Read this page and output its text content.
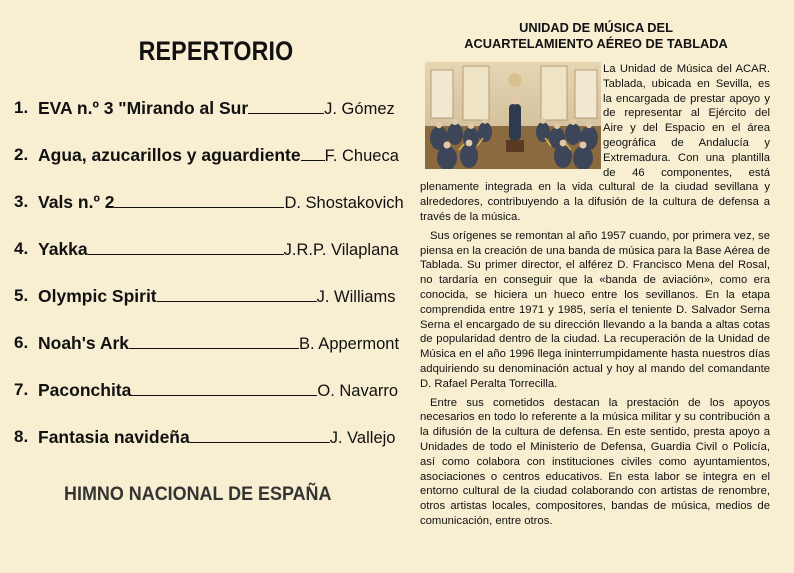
REPERTORIO
1. EVA n.º 3 "Mirando al Sur	J. Gómez
2. Agua, azucarillos y aguardiente F. Chueca
3. Vals n.º 2	D. Shostakovich
4. Yakka	J.R.P. Vilaplana
5. Olympic Spirit	J. Williams
6. Noah's Ark	B. Appermont
7. Paconchita	O. Navarro
8. Fantasia navideña	J. Vallejo
HIMNO NACIONAL DE ESPAÑA
UNIDAD DE MÚSICA DEL
ACUARTELAMIENTO AÉREO DE TABLADA

La Unidad de Música del ACAR. Tablada, ubicada en Sevilla, es la encargada de prestar apoyo y de representar al Ejército del Aire y del Espacio en el área geográfica de Andalucía y Extremadura. Con una plantilla de 46 componentes, está plenamente integrada en la vida cultural de la ciudad sevillana y alrededores, contribuyendo a la difusión de la cultura de defensa a través de la música.

Sus orígenes se remontan al año 1957 cuando, por primera vez, se piensa en la creación de una banda de música para la Base Aérea de Tablada. Su primer director, el alférez D. Francisco Mena del Rosal, no tardaría en conseguir que la «banda de aviación», como era conocida, se hiciera un hueco entre los sevillanos. En la etapa comprendida entre 1971 y 1985, sería el teniente D. Salvador Serna Serna el encargado de su dirección llevando a la banda a altas cotas de popularidad dentro de la ciudad. La recuperación de la Unidad de Música en el año 1996 llega ininterrumpidamente hasta nuestros días adquiriendo su denominación actual y hoy al mando del comandante D. Rafael Peralta Torrecilla.

Entre sus cometidos destacan la prestación de los apoyos necesarios en todo lo referente a la música militar y su contribución a la difusión de la cultura de defensa. En este sentido, presta apoyo a Unidades de todo el Ministerio de Defensa, Guardia Civil o Policía, así como colabora con instituciones civiles como ayuntamientos, asociaciones o centros educativos. En esta labor se integra en el entorno cultural de la ciudad colaborando con artistas de renombre, otros artistas locales, compositores, bandas de música, medios de comunicación, entre otros.
